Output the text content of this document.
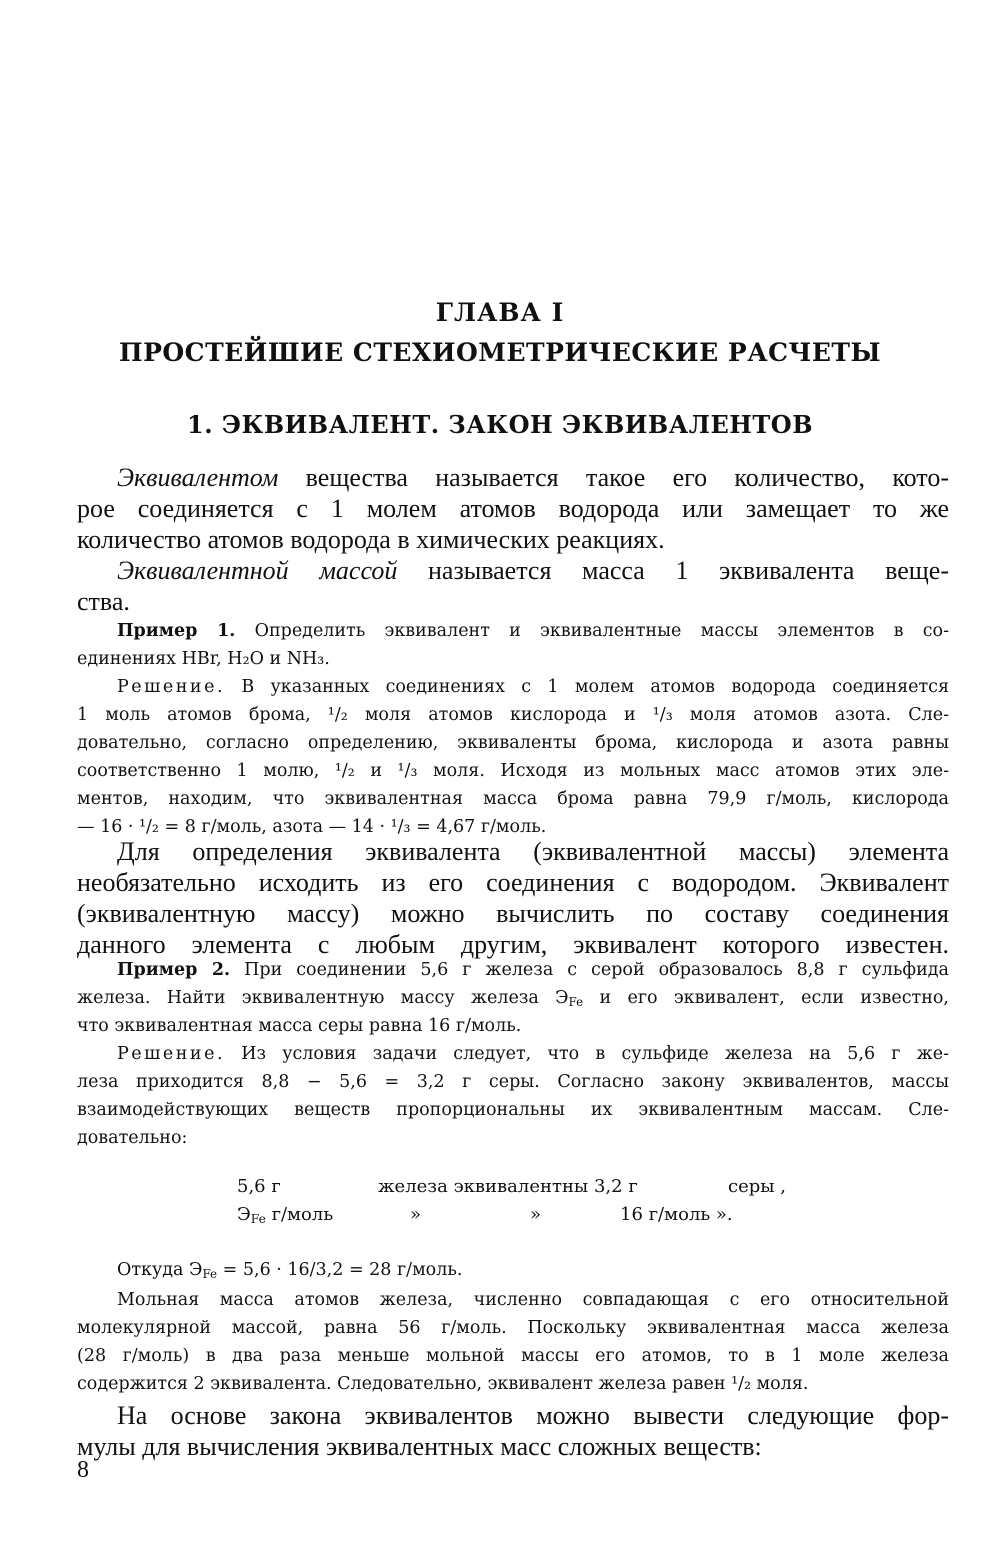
ГЛАВА I
ПРОСТЕЙШИЕ СТЕХИОМЕТРИЧЕСКИЕ РАСЧЕТЫ
1. ЭКВИВАЛЕНТ. ЗАКОН ЭКВИВАЛЕНТОВ
Эквивалентом вещества называется такое его количество, кото-
рое соединяется с 1 молем атомов водорода или замещает то же
количество атомов водорода в химических реакциях.
Эквивалентной массой называется масса 1 эквивалента веще-
ства.
Пример 1. Определить эквивалент и эквивалентные массы элементов в со-
единениях HBr, H₂O и NH₃.
Решение. В указанных соединениях с 1 молем атомов водорода соединяется
1 моль атомов брома, ¹/₂ моля атомов кислорода и ¹/₃ моля атомов азота. Сле-
довательно, согласно определению, эквиваленты брома, кислорода и азота равны
соответственно 1 молю, ¹/₂ и ¹/₃ моля. Исходя из мольных масс атомов этих эле-
ментов, находим, что эквивалентная масса брома равна 79,9 г/моль, кислорода
— 16 · ¹/₂ = 8 г/моль, азота — 14 · ¹/₃ = 4,67 г/моль.
Для определения эквивалента (эквивалентной массы) элемента
необязательно исходить из его соединения с водородом. Эквивалент
(эквивалентную массу) можно вычислить по составу соединения
данного элемента с любым другим, эквивалент которого известен.
Пример 2. При соединении 5,6 г железа с серой образовалось 8,8 г сульфида
железа. Найти эквивалентную массу железа $Э_{Fe}$ и его эквивалент, если известно,
что эквивалентная масса серы равна 16 г/моль.
Решение. Из условия задачи следует, что в сульфиде железа на 5,6 г же-
леза приходится 8,8 − 5,6 = 3,2 г серы. Согласно закону эквивалентов, массы
взаимодействующих веществ пропорциональны их эквивалентным массам. Сле-
довательно:
5,6 г	железа эквивалентны 3,2 г	серы ,
$Э_{Fe}$ г/моль	»	»	16 г/моль ».
Откуда $Э_{Fe} = 5,6 \cdot 16/3,2 = 28$ г/моль.
Мольная масса атомов железа, численно совпадающая с его относительной
молекулярной массой, равна 56 г/моль. Поскольку эквивалентная масса железа
(28 г/моль) в два раза меньше мольной массы его атомов, то в 1 моле железа
содержится 2 эквивалента. Следовательно, эквивалент железа равен ¹/₂ моля.
На основе закона эквивалентов можно вывести следующие фор-
мулы для вычисления эквивалентных масс сложных веществ:
8
